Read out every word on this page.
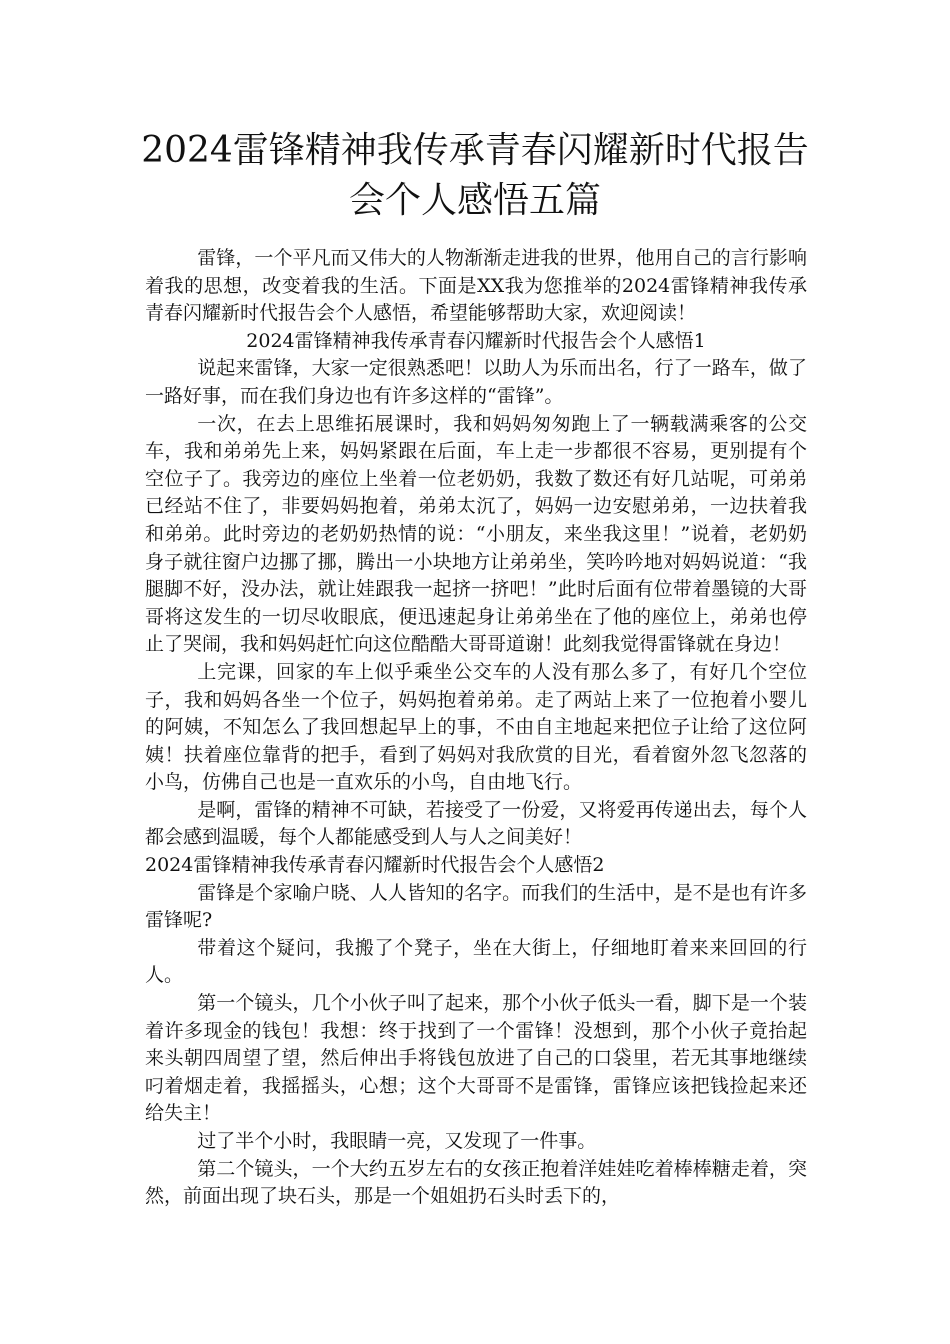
2024雷锋精神我传承青春闪耀新时代报告
会个人感悟五篇

雷锋，一个平凡而又伟大的人物渐渐走进我的世界，他用自己的言行影响着我的思想，改变着我的生活。下面是XX我为您推举的2024雷锋精神我传承青春闪耀新时代报告会个人感悟，希望能够帮助大家，欢迎阅读！

2024雷锋精神我传承青春闪耀新时代报告会个人感悟1

说起来雷锋，大家一定很熟悉吧！以助人为乐而出名，行了一路车，做了一路好事，而在我们身边也有许多这样的“雷锋”。

一次，在去上思维拓展课时，我和妈妈匆匆跑上了一辆载满乘客的公交车，我和弟弟先上来，妈妈紧跟在后面，车上走一步都很不容易，更别提有个空位子了。我旁边的座位上坐着一位老奶奶，我数了数还有好几站呢，可弟弟已经站不住了，非要妈妈抱着，弟弟太沉了，妈妈一边安慰弟弟，一边扶着我和弟弟。此时旁边的老奶奶热情的说：“小朋友，来坐我这里！”说着，老奶奶身子就往窗户边挪了挪，腾出一小块地方让弟弟坐，笑吟吟地对妈妈说道：“我腿脚不好，没办法，就让娃跟我一起挤一挤吧！”此时后面有位带着墨镜的大哥哥将这发生的一切尽收眼底，便迅速起身让弟弟坐在了他的座位上，弟弟也停止了哭闹，我和妈妈赶忙向这位酷酷大哥哥道谢！此刻我觉得雷锋就在身边！

上完课，回家的车上似乎乘坐公交车的人没有那么多了，有好几个空位子，我和妈妈各坐一个位子，妈妈抱着弟弟。走了两站上来了一位抱着小婴儿的阿姨，不知怎么了我回想起早上的事，不由自主地起来把位子让给了这位阿姨！扶着座位靠背的把手，看到了妈妈对我欣赏的目光，看着窗外忽飞忽落的小鸟，仿佛自己也是一直欢乐的小鸟，自由地飞行。

是啊，雷锋的精神不可缺，若接受了一份爱，又将爱再传递出去，每个人都会感到温暖，每个人都能感受到人与人之间美好！

2024雷锋精神我传承青春闪耀新时代报告会个人感悟2

雷锋是个家喻户晓、人人皆知的名字。而我们的生活中，是不是也有许多雷锋呢?

带着这个疑问，我搬了个凳子，坐在大街上，仔细地盯着来来回回的行人。

第一个镜头，几个小伙子叫了起来，那个小伙子低头一看，脚下是一个装着许多现金的钱包！我想：终于找到了一个雷锋！没想到，那个小伙子竟抬起来头朝四周望了望，然后伸出手将钱包放进了自己的口袋里，若无其事地继续叼着烟走着，我摇摇头，心想；这个大哥哥不是雷锋，雷锋应该把钱捡起来还给失主！

过了半个小时，我眼睛一亮，又发现了一件事。

第二个镜头，一个大约五岁左右的女孩正抱着洋娃娃吃着棒棒糖走着，突然，前面出现了块石头，那是一个姐姐扔石头时丢下的，
